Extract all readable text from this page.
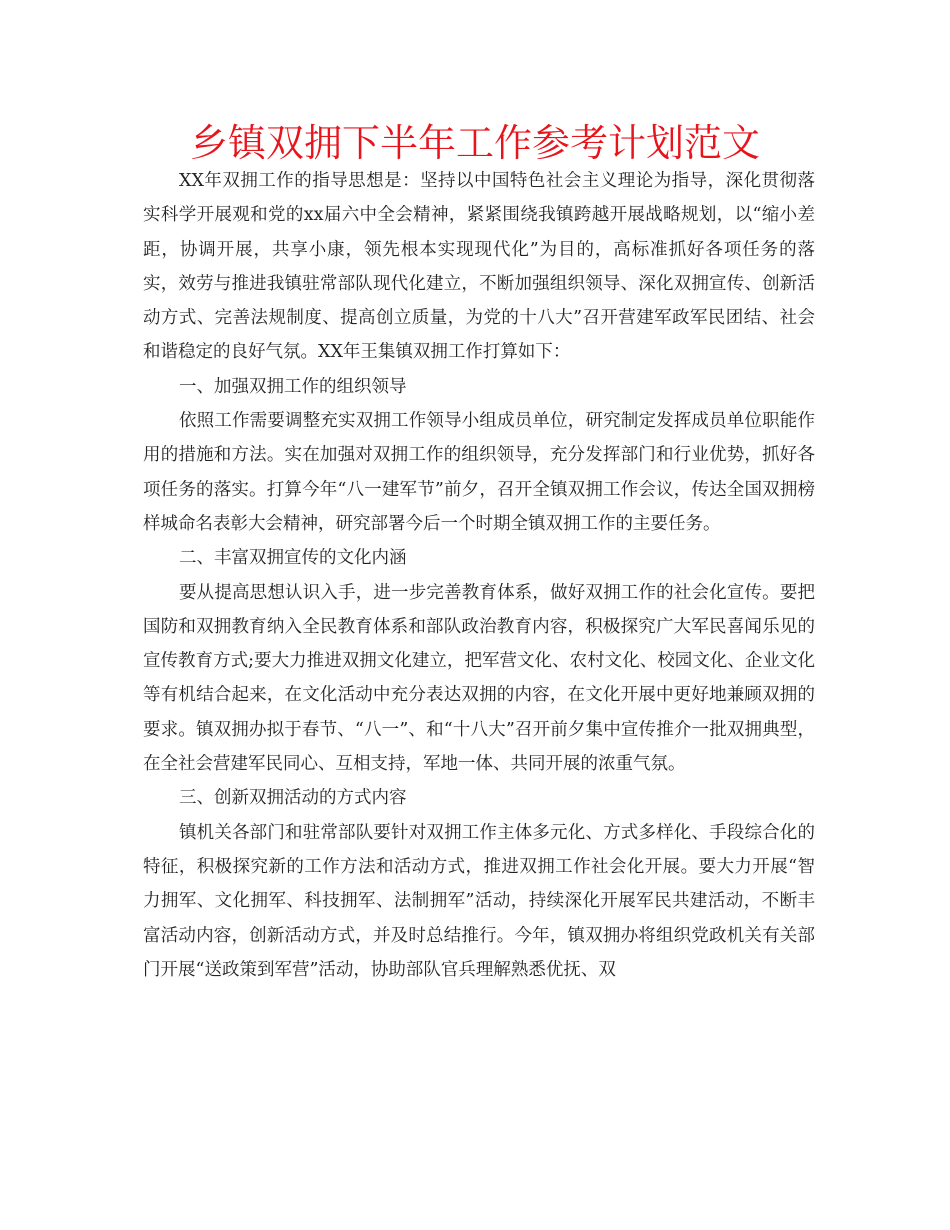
乡镇双拥下半年工作参考计划范文

XX年双拥工作的指导思想是：坚持以中国特色社会主义理论为指导，深化贯彻落实科学开展观和党的xx届六中全会精神，紧紧围绕我镇跨越开展战略规划，以“缩小差距，协调开展，共享小康，领先根本实现现代化”为目的，高标准抓好各项任务的落实，效劳与推进我镇驻常部队现代化建立，不断加强组织领导、深化双拥宣传、创新活动方式、完善法规制度、提高创立质量，为党的十八大”召开营建军政军民团结、社会和谐稳定的良好气氛。XX年王集镇双拥工作打算如下：

一、加强双拥工作的组织领导

依照工作需要调整充实双拥工作领导小组成员单位，研究制定发挥成员单位职能作用的措施和方法。实在加强对双拥工作的组织领导，充分发挥部门和行业优势，抓好各项任务的落实。打算今年“八一建军节”前夕，召开全镇双拥工作会议，传达全国双拥榜样城命名表彰大会精神，研究部署今后一个时期全镇双拥工作的主要任务。

二、丰富双拥宣传的文化内涵

要从提高思想认识入手，进一步完善教育体系，做好双拥工作的社会化宣传。要把国防和双拥教育纳入全民教育体系和部队政治教育内容，积极探究广大军民喜闻乐见的宣传教育方式;要大力推进双拥文化建立，把军营文化、农村文化、校园文化、企业文化等有机结合起来，在文化活动中充分表达双拥的内容，在文化开展中更好地兼顾双拥的要求。镇双拥办拟于春节、“八一”、和“十八大”召开前夕集中宣传推介一批双拥典型，在全社会营建军民同心、互相支持，军地一体、共同开展的浓重气氛。

三、创新双拥活动的方式内容

镇机关各部门和驻常部队要针对双拥工作主体多元化、方式多样化、手段综合化的特征，积极探究新的工作方法和活动方式，推进双拥工作社会化开展。要大力开展“智力拥军、文化拥军、科技拥军、法制拥军”活动，持续深化开展军民共建活动，不断丰富活动内容，创新活动方式，并及时总结推行。今年，镇双拥办将组织党政机关有关部门开展“送政策到军营”活动，协助部队官兵理解熟悉优抚、双
